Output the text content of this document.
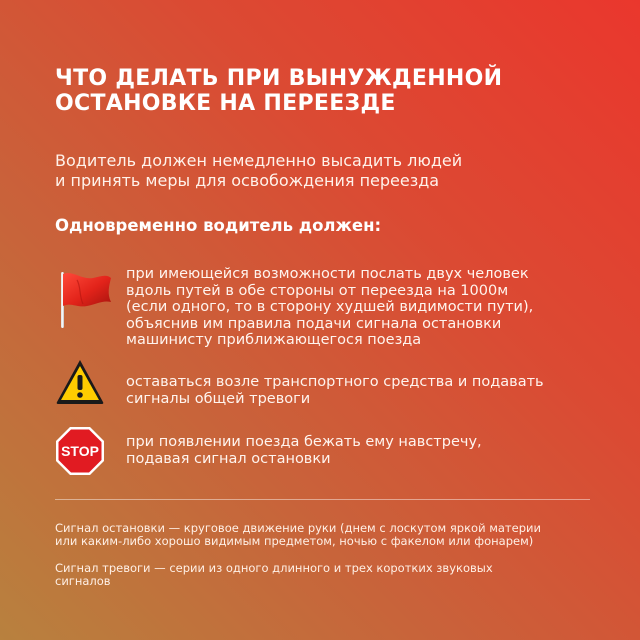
ЧТО ДЕЛАТЬ ПРИ ВЫНУЖДЕННОЙ
ОСТАНОВКЕ НА ПЕРЕЕЗДЕ
Водитель должен немедленно высадить людей
и принять меры для освобождения переезда
Одновременно водитель должен:
при имеющейся возможности послать двух человек
вдоль путей в обе стороны от переезда на 1000м
(если одного, то в сторону худшей видимости пути),
объяснив им правила подачи сигнала остановки
машинисту приближающегося поезда
оставаться возле транспортного средства и подавать
сигналы общей тревоги
STOP
при появлении поезда бежать ему навстречу,
подавая сигнал остановки
Сигнал остановки — круговое движение руки (днем с лоскутом яркой материи
или каким-либо хорошо видимым предметом, ночью с факелом или фонарем)
Сигнал тревоги — серии из одного длинного и трех коротких звуковых
сигналов
